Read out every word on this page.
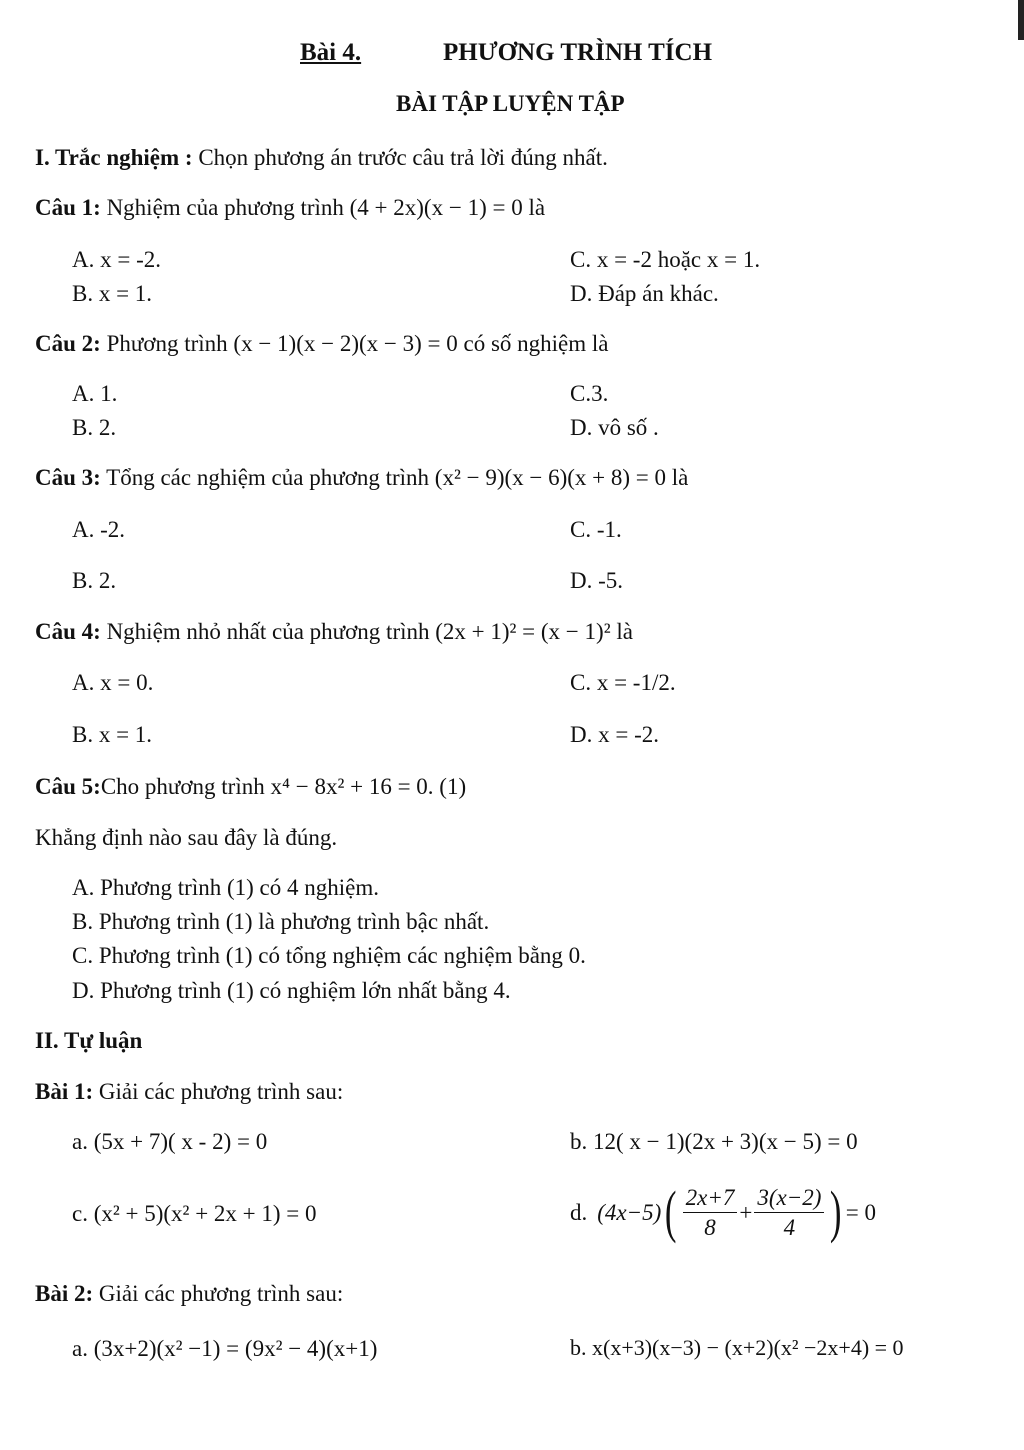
Bài 4.	PHƯƠNG TRÌNH TÍCH
BÀI TẬP LUYỆN TẬP
I. Trắc nghiệm : Chọn phương án trước câu trả lời đúng nhất.
Câu 1: Nghiệm của phương trình (4 + 2x)(x − 1) = 0 là
A. x = -2.	C. x = -2 hoặc x = 1.
B. x = 1.	D. Đáp án khác.
Câu 2: Phương trình (x − 1)(x − 2)(x − 3) = 0 có số nghiệm là
A. 1.	C.3.
B. 2.	D. vô số .
Câu 3: Tổng các nghiệm của phương trình (x² − 9)(x − 6)(x + 8) = 0 là
A. -2.	C. -1.
B. 2.	D. -5.
Câu 4: Nghiệm nhỏ nhất của phương trình (2x + 1)² = (x − 1)² là
A. x = 0.	C. x = -1/2.
B. x = 1.	D. x = -2.
Câu 5:Cho phương trình x⁴ − 8x² + 16 = 0. (1)
Khẳng định nào sau đây là đúng.
A. Phương trình (1) có 4 nghiệm.
B. Phương trình (1) là phương trình bậc nhất.
C. Phương trình (1) có tổng nghiệm các nghiệm bằng 0.
D. Phương trình (1) có nghiệm lớn nhất bằng 4.
II. Tự luận
Bài 1: Giải các phương trình sau:
a. (5x + 7)( x - 2) = 0	b. 12( x − 1)(2x + 3)(x − 5) = 0
c. (x² + 5)(x² + 2x + 1) = 0	d. (4x−5) ( $\frac{2x+7}{8} + \frac{3(x-2)}{4}$ ) = 0
Bài 2: Giải các phương trình sau:
a. (3x+2)(x² −1) = (9x² − 4)(x+1)	b. x(x+3)(x−3) − (x+2)(x² −2x+4) = 0
